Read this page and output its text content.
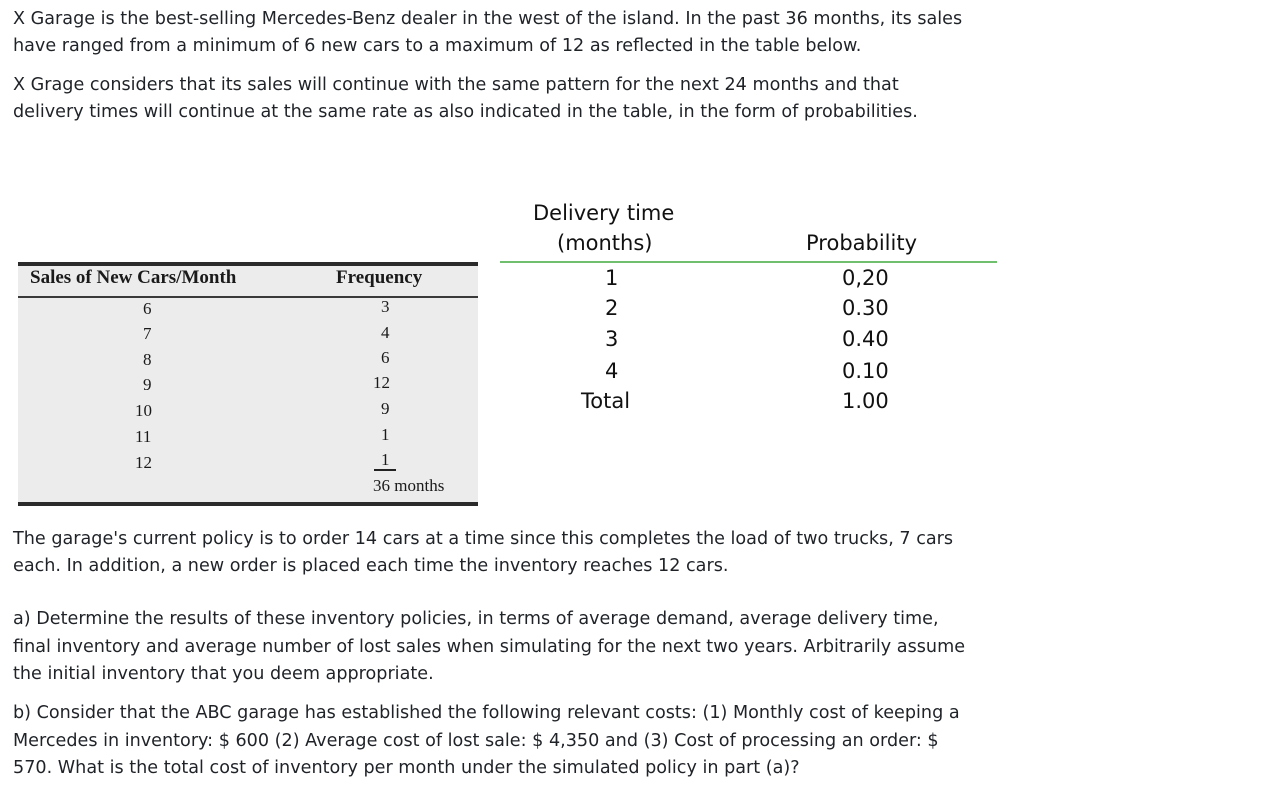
X Garage is the best-selling Mercedes-Benz dealer in the west of the island. In the past 36 months, its sales
have ranged from a minimum of 6 new cars to a maximum of 12 as reflected in the table below.
X Grage considers that its sales will continue with the same pattern for the next 24 months and that
delivery times will continue at the same rate as also indicated in the table, in the form of probabilities.
Sales of New Cars/Month	Frequency
6
7
8
9
10
11
12
3
4
6
12
9
1
1
36 months
Delivery time
(months)	Probability
1
2
3
4
Total
0,20
0.30
0.40
0.10
1.00
The garage's current policy is to order 14 cars at a time since this completes the load of two trucks, 7 cars
each. In addition, a new order is placed each time the inventory reaches 12 cars.
a) Determine the results of these inventory policies, in terms of average demand, average delivery time,
final inventory and average number of lost sales when simulating for the next two years. Arbitrarily assume
the initial inventory that you deem appropriate.
b) Consider that the ABC garage has established the following relevant costs: (1) Monthly cost of keeping a
Mercedes in inventory: $ 600 (2) Average cost of lost sale: $ 4,350 and (3) Cost of processing an order: $
570. What is the total cost of inventory per month under the simulated policy in part (a)?
